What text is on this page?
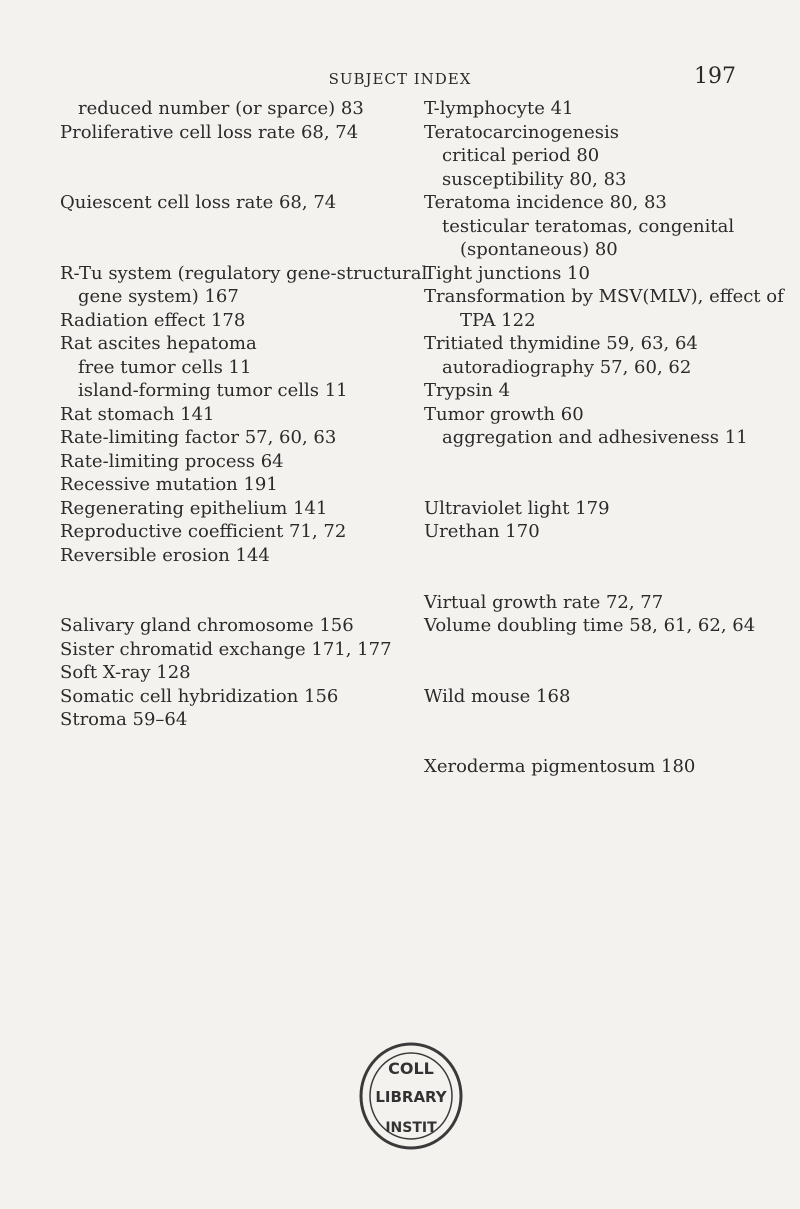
SUBJECT INDEX	197
reduced number (or sparce) 83
Proliferative cell loss rate 68, 74
Quiescent cell loss rate 68, 74
R-Tu system (regulatory gene-structural
gene system) 167
Radiation effect 178
Rat ascites hepatoma
free tumor cells 11
island-forming tumor cells 11
Rat stomach 141
Rate-limiting factor 57, 60, 63
Rate-limiting process 64
Recessive mutation 191
Regenerating epithelium 141
Reproductive coefficient 71, 72
Reversible erosion 144
Salivary gland chromosome 156
Sister chromatid exchange 171, 177
Soft X-ray 128
Somatic cell hybridization 156
Stroma 59–64
T-lymphocyte 41
Teratocarcinogenesis
critical period 80
susceptibility 80, 83
Teratoma incidence 80, 83
testicular teratomas, congenital
(spontaneous) 80
Tight junctions 10
Transformation by MSV(MLV), effect of
TPA 122
Tritiated thymidine 59, 63, 64
autoradiography 57, 60, 62
Trypsin 4
Tumor growth 60
aggregation and adhesiveness 11
Ultraviolet light 179
Urethan 170
Virtual growth rate 72, 77
Volume doubling time 58, 61, 62, 64
Wild mouse 168
Xeroderma pigmentosum 180
COLL
LIBRARY
INSTIT
